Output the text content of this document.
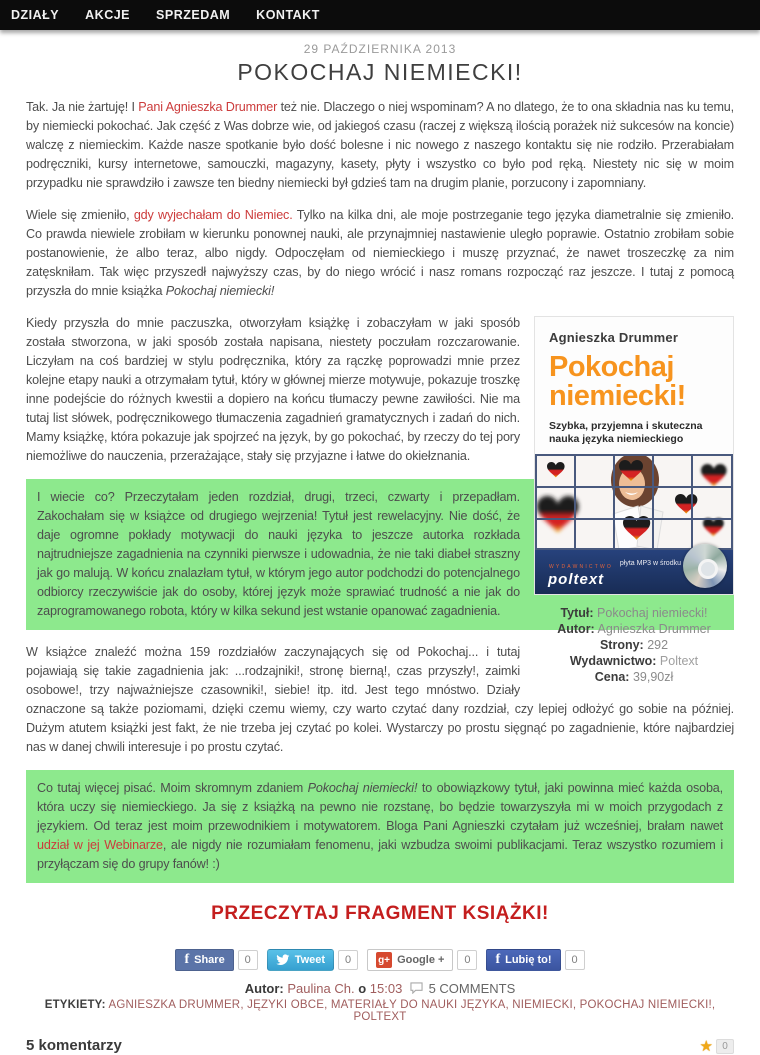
DZIAŁY AKCJE SPRZEDAM KONTAKT
29 PAŹDZIERNIKA 2013
POKOCHAJ NIEMIECKI!

Tak. Ja nie żartuję! I Pani Agnieszka Drummer też nie. Dlaczego o niej wspominam? A no dlatego, że to ona składnia nas ku temu, by niemiecki pokochać. Jak część z Was dobrze wie, od jakiegoś czasu (raczej z większą ilością porażek niż sukcesów na koncie) walczę z niemieckim. Każde nasze spotkanie było dość bolesne i nic nowego z naszego kontaktu się nie rodziło. Przerabiałam podręczniki, kursy internetowe, samouczki, magazyny, kasety, płyty i wszystko co było pod ręką. Niestety nic się w moim przypadku nie sprawdziło i zawsze ten biedny niemiecki był gdzieś tam na drugim planie, porzucony i zapomniany.

Wiele się zmieniło, gdy wyjechałam do Niemiec. Tylko na kilka dni, ale moje postrzeganie tego języka diametralnie się zmieniło. Co prawda niewiele zrobiłam w kierunku ponownej nauki, ale przynajmniej nastawienie uległo poprawie. Ostatnio zrobiłam sobie postanowienie, że albo teraz, albo nigdy. Odpoczęłam od niemieckiego i muszę przyznać, że nawet troszeczkę za nim zatęskniłam. Tak więc przyszedł najwyższy czas, by do niego wrócić i nasz romans rozpocząć raz jeszcze. I tutaj z pomocą przyszła do mnie książka Pokochaj niemiecki!

Agnieszka Drummer
Pokochaj
niemiecki!
Szybka, przyjemna i skuteczna nauka języka niemieckiego
WYDAWNICTWO
poltext
płyta MP3 w środku
Tytuł: Pokochaj niemiecki!
Autor: Agnieszka Drummer
Strony: 292
Wydawnictwo: Poltext
Cena: 39,90zł

Kiedy przyszła do mnie paczuszka, otworzyłam książkę i zobaczyłam w jaki sposób została stworzona, w jaki sposób została napisana, niestety poczułam rozczarowanie. Liczyłam na coś bardziej w stylu podręcznika, który za rączkę poprowadzi mnie przez kolejne etapy nauki a otrzymałam tytuł, który w głównej mierze motywuje, pokazuje troszkę inne podejście do różnych kwestii a dopiero na końcu tłumaczy pewne zawiłości. Nie ma tutaj list słówek, podręcznikowego tłumaczenia zagadnień gramatycznych i zadań do nich. Mamy książkę, która pokazuje jak spojrzeć na język, by go pokochać, by rzeczy do tej pory niemożliwe do nauczenia, przerażające, stały się przyjazne i łatwe do okiełznania.

I wiecie co? Przeczytałam jeden rozdział, drugi, trzeci, czwarty i przepadłam. Zakochałam się w książce od drugiego wejrzenia! Tytuł jest rewelacyjny. Nie dość, że daje ogromne pokłady motywacji do nauki języka to jeszcze autorka rozkłada najtrudniejsze zagadnienia na czynniki pierwsze i udowadnia, że nie taki diabeł straszny jak go malują. W końcu znalazłam tytuł, w którym jego autor podchodzi do potencjalnego odbiorcy rzeczywiście jak do osoby, której język może sprawiać trudność a nie jak do zaprogramowanego robota, który w kilka sekund jest wstanie opanować zagadnienia.

W książce znaleźć można 159 rozdziałów zaczynających się od Pokochaj... i tutaj pojawiają się takie zagadnienia jak: ...rodzajniki!, stronę bierną!, czas przyszły!, zaimki osobowe!, trzy najważniejsze czasowniki!, siebie! itp. itd. Jest tego mnóstwo. Działy oznaczone są także poziomami, dzięki czemu wiemy, czy warto czytać dany rozdział, czy lepiej odłożyć go sobie na później. Dużym atutem książki jest fakt, że nie trzeba jej czytać po kolei. Wystarczy po prostu sięgnąć po zagadnienie, które najbardziej nas w danej chwili interesuje i po prostu czytać.

Co tutaj więcej pisać. Moim skromnym zdaniem Pokochaj niemiecki! to obowiązkowy tytuł, jaki powinna mieć każda osoba, która uczy się niemieckiego. Ja się z książką na pewno nie rozstanę, bo będzie towarzyszyła mi w moich przygodach z językiem. Od teraz jest moim przewodnikiem i motywatorem. Bloga Pani Agnieszki czytałam już wcześniej, brałam nawet udział w jej Webinarze, ale nigdy nie rozumiałam fenomenu, jaki wzbudza swoimi publikacjami. Teraz wszystko rozumiem i przyłączam się do grupy fanów! :)
PRZECZYTAJ FRAGMENT KSIĄŻKI!
f Share	0	Tweet	0	g+ Google +	0	f Lubię to!	0
Autor: Paulina Ch. o 15:03 5 COMMENTS
ETYKIETY: AGNIESZKA DRUMMER , JĘZYKI OBCE , MATERIAŁY DO NAUKI JĘZYKA , NIEMIECKI , POKOCHAJ NIEMIECKI!, POLTEXT
5 komentarzy	★ 0
